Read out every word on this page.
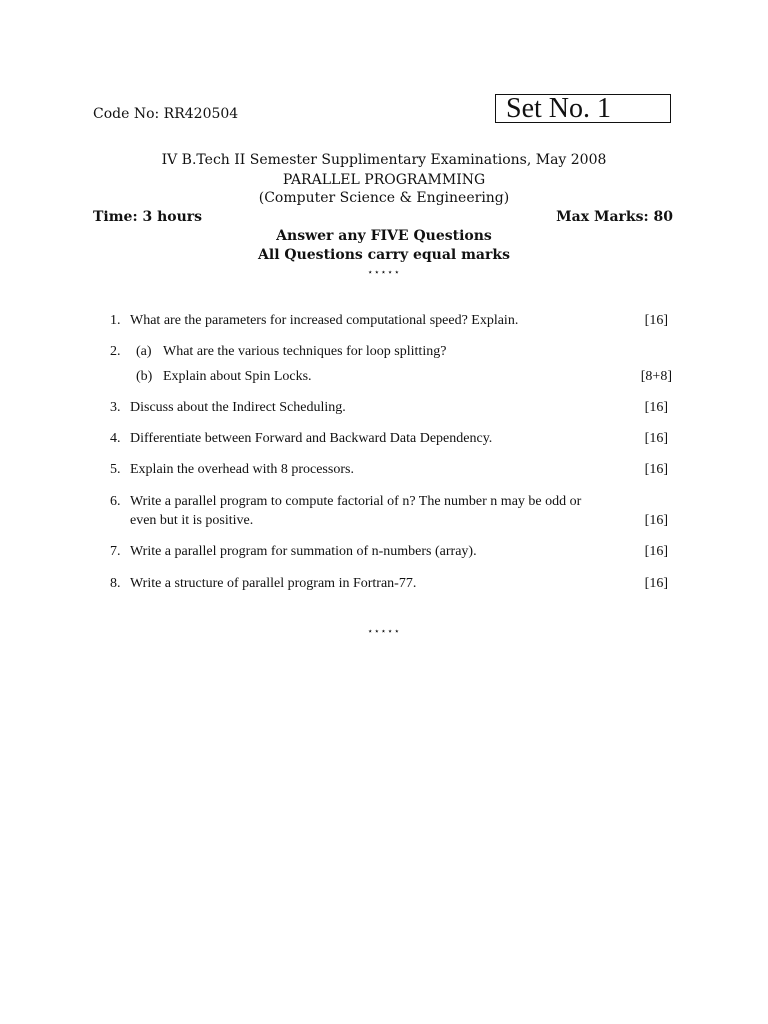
Code No: RR420504	Set No. 1
IV B.Tech II Semester Supplimentary Examinations, May 2008
PARALLEL PROGRAMMING
(Computer Science & Engineering)
Time: 3 hours	Max Marks: 80
Answer any FIVE Questions
All Questions carry equal marks
⋆⋆⋆⋆⋆
1. What are the parameters for increased computational speed? Explain.	[16]
2. (a) What are the various techniques for loop splitting?
(b) Explain about Spin Locks.	[8+8]
3. Discuss about the Indirect Scheduling.	[16]
4. Differentiate between Forward and Backward Data Dependency.	[16]
5. Explain the overhead with 8 processors.	[16]
6. Write a parallel program to compute factorial of n? The number n may be odd or
even but it is positive.	[16]
7. Write a parallel program for summation of n-numbers (array).	[16]
8. Write a structure of parallel program in Fortran-77.	[16]
⋆⋆⋆⋆⋆
